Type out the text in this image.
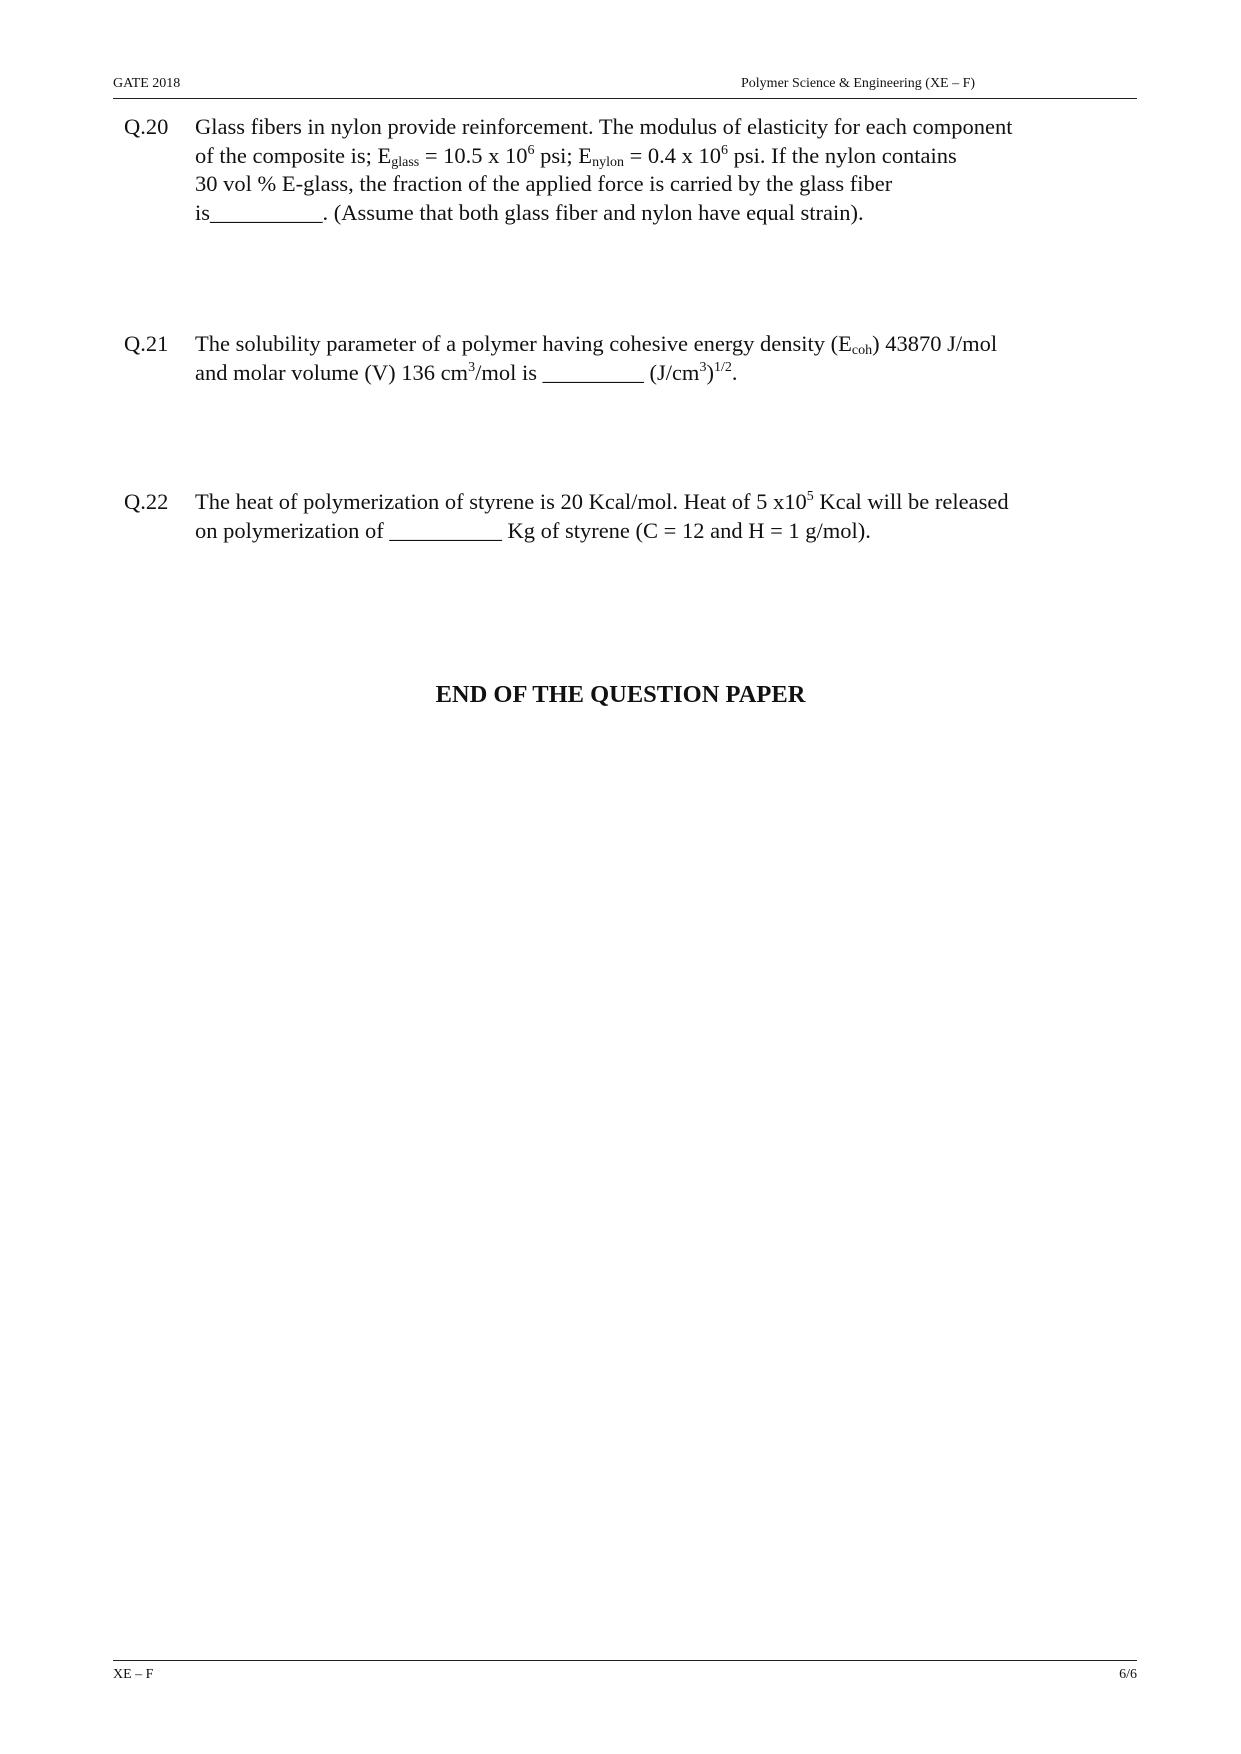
GATE 2018	Polymer Science & Engineering (XE – F)
Q.20 Glass fibers in nylon provide reinforcement. The modulus of elasticity for each component
of the composite is; $E_{glass} = 10.5$ x $10^6$ psi; $E_{nylon} = 0.4$ x $10^6$ psi. If the nylon contains
30 vol % E-glass, the fraction of the applied force is carried by the glass fiber
is__________. (Assume that both glass fiber and nylon have equal strain).
Q.21 The solubility parameter of a polymer having cohesive energy density $(E_{coh})$ 43870 J/mol
and molar volume (V) 136 $cm^3$/mol is _________ $(J/cm^3)^{1/2}$.
Q.22 The heat of polymerization of styrene is 20 Kcal/mol. Heat of 5 $x10^5$ Kcal will be released
on polymerization of __________ Kg of styrene (C = 12 and H = 1 g/mol).
END OF THE QUESTION PAPER
XE – F	6/6
